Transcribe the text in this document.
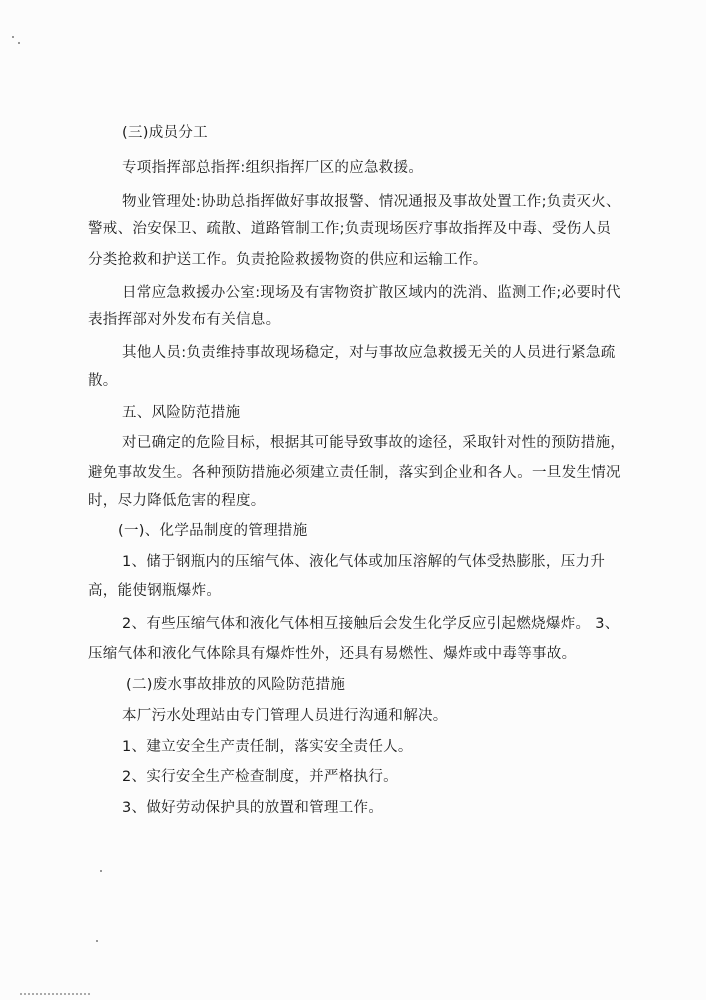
(三)成员分工
专项指挥部总指挥:组织指挥厂区的应急救援。
物业管理处:协助总指挥做好事故报警、情况通报及事故处置工作;负责灭火、
警戒、治安保卫、疏散、道路管制工作;负责现场医疗事故指挥及中毒、受伤人员
分类抢救和护送工作。负责抢险救援物资的供应和运输工作。
日常应急救援办公室:现场及有害物资扩散区域内的洗消、监测工作;必要时代
表指挥部对外发布有关信息。
其他人员:负责维持事故现场稳定，对与事故应急救援无关的人员进行紧急疏
散。
五、风险防范措施
对已确定的危险目标，根据其可能导致事故的途径，采取针对性的预防措施，
避免事故发生。各种预防措施必须建立责任制，落实到企业和各人。一旦发生情况
时，尽力降低危害的程度。
(一)、化学品制度的管理措施
1、储于钢瓶内的压缩气体、液化气体或加压溶解的气体受热膨胀，压力升
高，能使钢瓶爆炸。
2、有些压缩气体和液化气体相互接触后会发生化学反应引起燃烧爆炸。 3、
压缩气体和液化气体除具有爆炸性外，还具有易燃性、爆炸或中毒等事故。
(二)废水事故排放的风险防范措施
本厂污水处理站由专门管理人员进行沟通和解决。
1、建立安全生产责任制，落实安全责任人。
2、实行安全生产检查制度，并严格执行。
3、做好劳动保护具的放置和管理工作。
